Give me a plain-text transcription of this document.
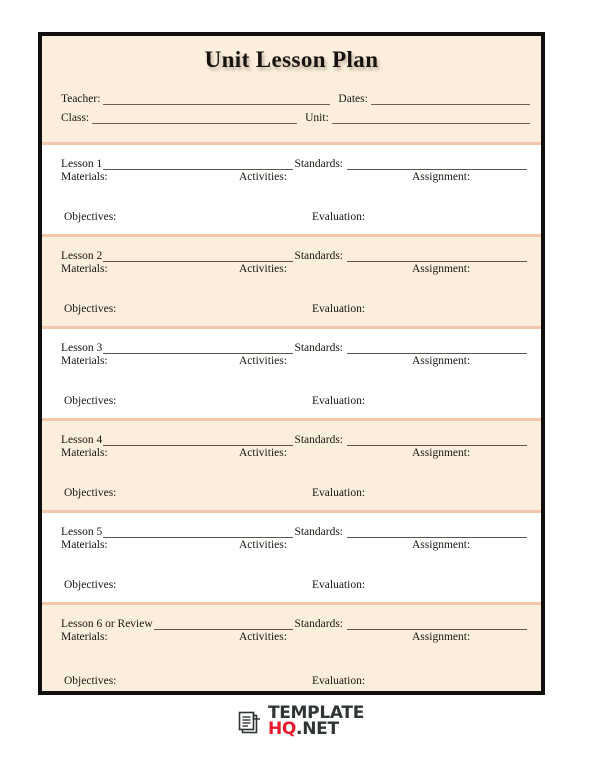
Unit Lesson Plan
Teacher:	Dates:
Class:	Unit:
Lesson 1	Standards:
Materials:	Activities:	Assignment:
Objectives:	Evaluation:
Lesson 2	Standards:
Materials:	Activities:	Assignment:
Objectives:	Evaluation:
Lesson 3	Standards:
Materials:	Activities:	Assignment:
Objectives:	Evaluation:
Lesson 4	Standards:
Materials:	Activities:	Assignment:
Objectives:	Evaluation:
Lesson 5	Standards:
Materials:	Activities:	Assignment:
Objectives:	Evaluation:
Lesson 6 or Review	Standards:
Materials:	Activities:	Assignment:
Objectives:	Evaluation:
TEMPLATE
HQ.NET
